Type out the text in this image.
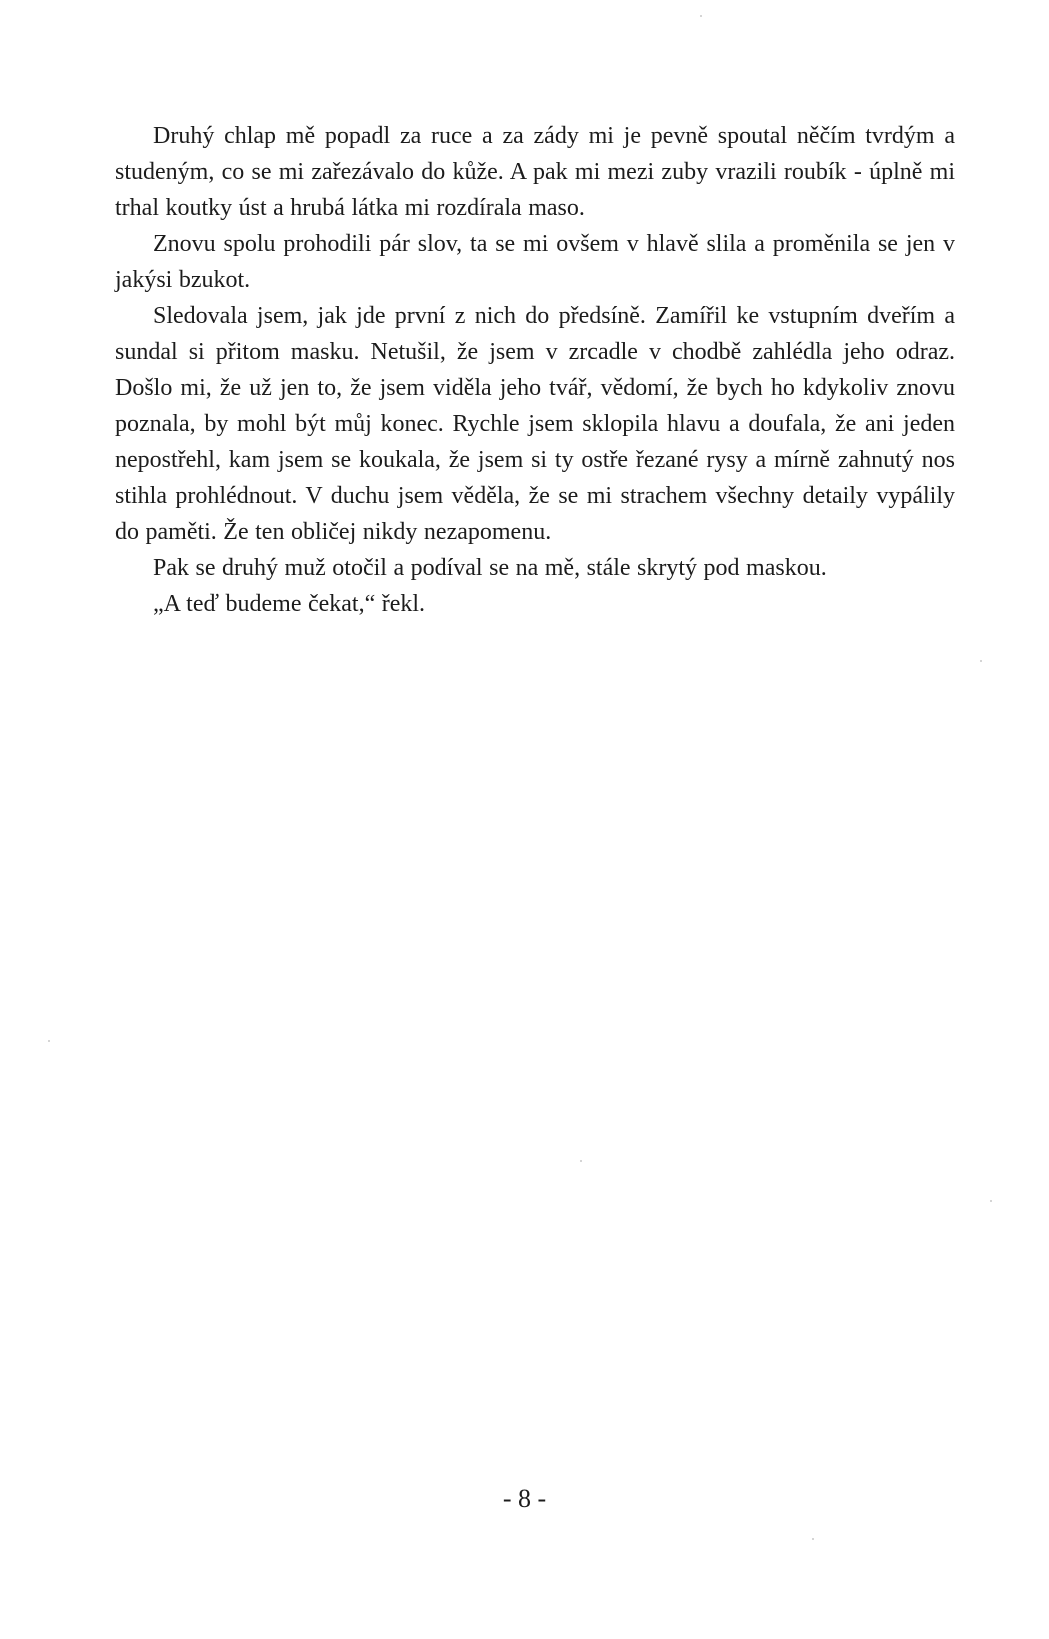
Druhý chlap mě popadl za ruce a za zády mi je pevně spoutal něčím tvrdým a studeným, co se mi zařezávalo do kůže. A pak mi mezi zuby vrazili roubík - úplně mi trhal koutky úst a hrubá látka mi rozdírala maso.

Znovu spolu prohodili pár slov, ta se mi ovšem v hlavě slila a proměnila se jen v jakýsi bzukot.

Sledovala jsem, jak jde první z nich do předsíně. Zamířil ke vstupním dveřím a sundal si přitom masku. Netušil, že jsem v zrcadle v chodbě zahlédla jeho odraz. Došlo mi, že už jen to, že jsem viděla jeho tvář, vědomí, že bych ho kdykoliv znovu poznala, by mohl být můj konec. Rychle jsem sklopila hlavu a doufala, že ani jeden nepostřehl, kam jsem se koukala, že jsem si ty ostře řezané rysy a mírně zahnutý nos stihla prohlédnout. V duchu jsem věděla, že se mi strachem všechny detaily vypálily do paměti. Že ten obličej nikdy nezapomenu.

Pak se druhý muž otočil a podíval se na mě, stále skrytý pod maskou.

„A teď budeme čekat,“ řekl.

- 8 -
